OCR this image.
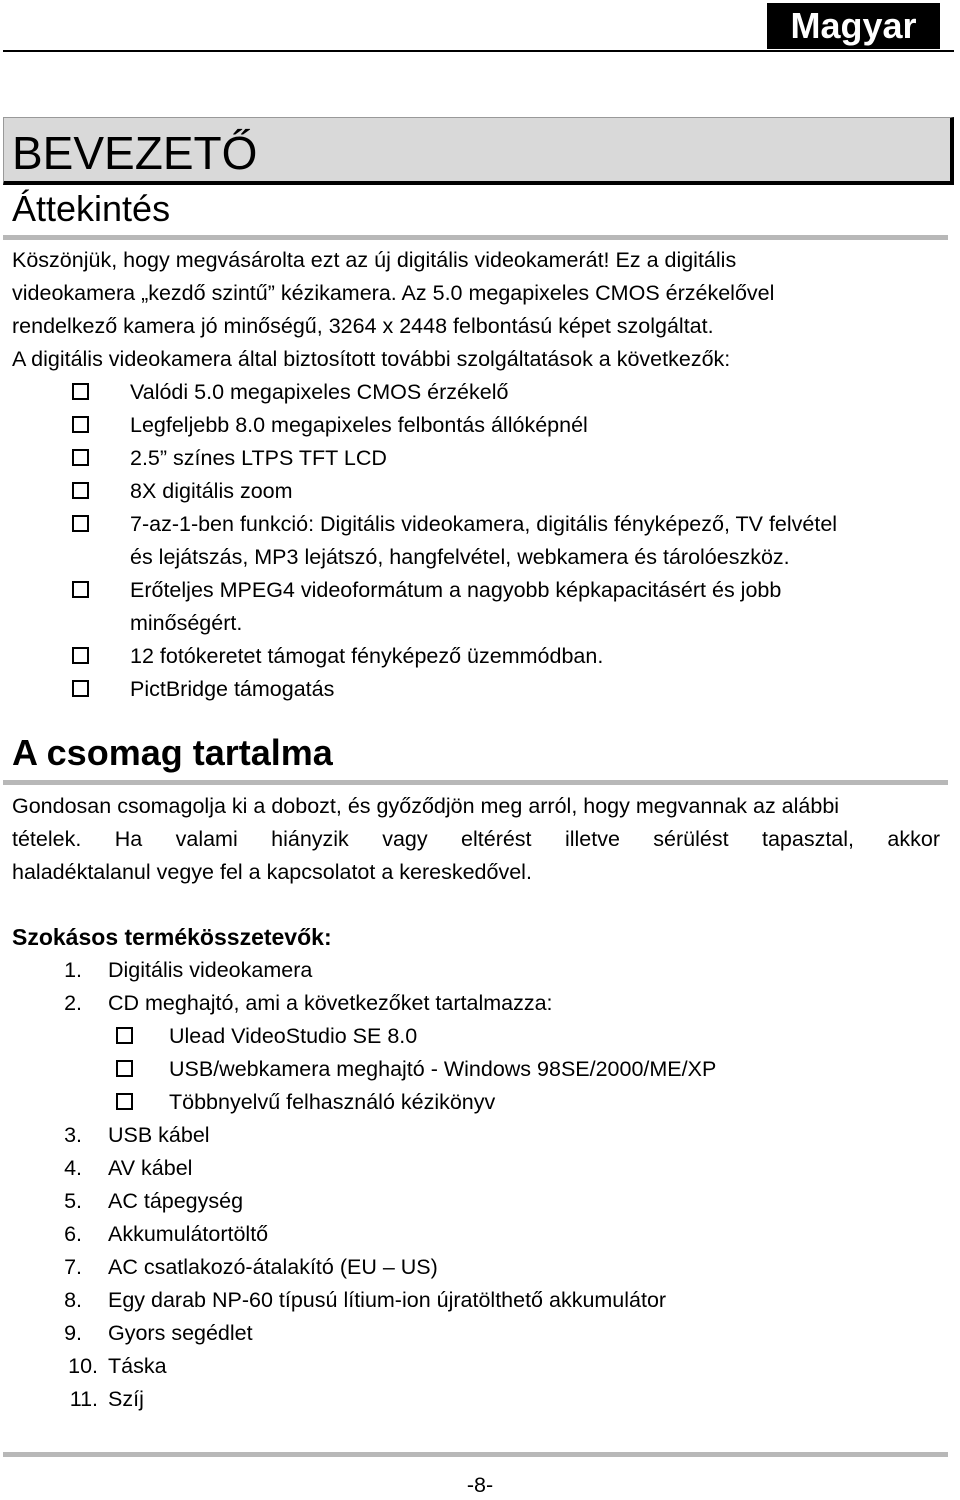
Magyar
BEVEZETŐ
Áttekintés
Köszönjük, hogy megvásárolta ezt az új digitális videokamerát! Ez a digitális
videokamera „kezdő szintű” kézikamera. Az 5.0 megapixeles CMOS érzékelővel
rendelkező kamera jó minőségű, 3264 x 2448 felbontású képet szolgáltat.
A digitális videokamera által biztosított további szolgáltatások a következők:
Valódi 5.0 megapixeles CMOS érzékelő
Legfeljebb 8.0 megapixeles felbontás állóképnél
2.5” színes LTPS TFT LCD
8X digitális zoom
7-az-1-ben funkció: Digitális videokamera, digitális fényképező, TV felvétel
és lejátszás, MP3 lejátszó, hangfelvétel, webkamera és tárolóeszköz.
Erőteljes MPEG4 videoformátum a nagyobb képkapacitásért és jobb
minőségért.
12 fotókeretet támogat fényképező üzemmódban.
PictBridge támogatás
A csomag tartalma
Gondosan csomagolja ki a dobozt, és győződjön meg arról, hogy megvannak az alábbi
tételek. Ha valami hiányzik vagy eltérést illetve sérülést tapasztal, akkor
haladéktalanul vegye fel a kapcsolatot a kereskedővel.
Szokásos termékösszetevők:
1. Digitális videokamera
2. CD meghajtó, ami a következőket tartalmazza:
Ulead VideoStudio SE 8.0
USB/webkamera meghajtó - Windows 98SE/2000/ME/XP
Többnyelvű felhasználó kézikönyv
3. USB kábel
4. AV kábel
5. AC tápegység
6. Akkumulátortöltő
7. AC csatlakozó-átalakító (EU – US)
8. Egy darab NP-60 típusú lítium-ion újratölthető akkumulátor
9. Gyors segédlet
10. Táska
11. Szíj
-8-
